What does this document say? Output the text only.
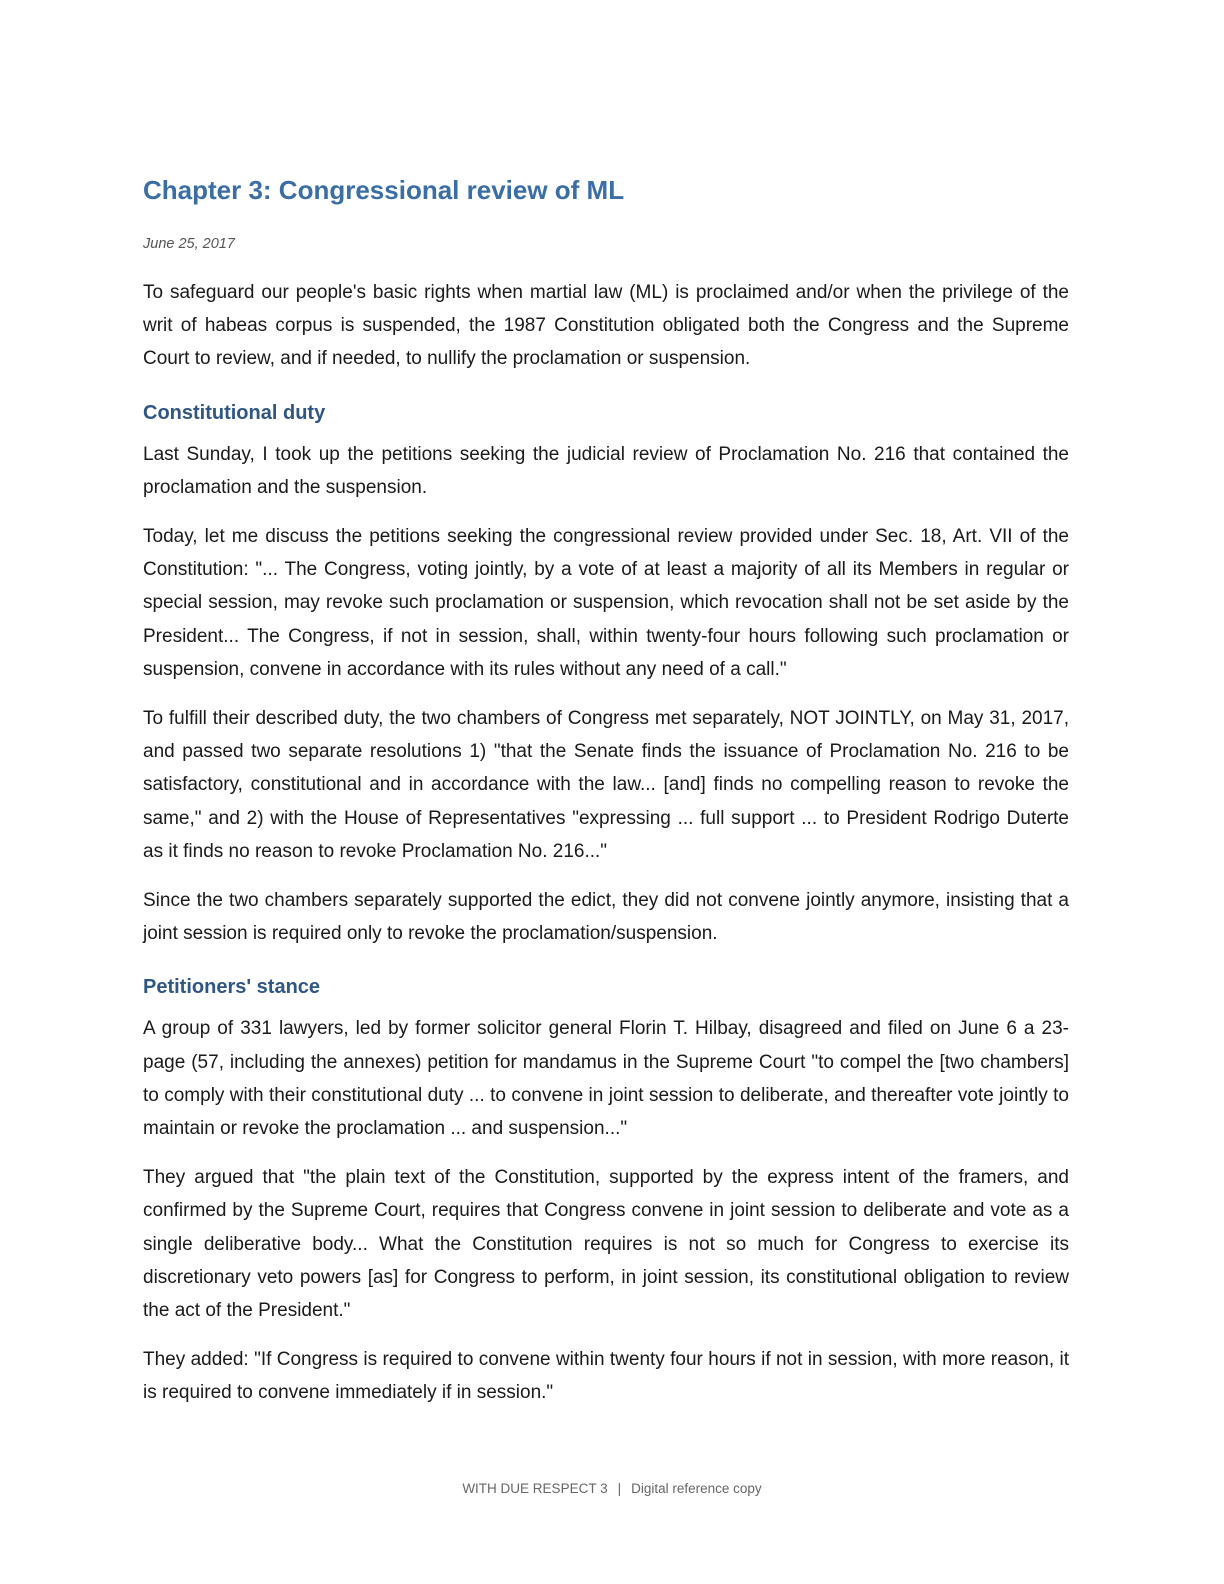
Chapter 3: Congressional review of ML
June 25, 2017

To safeguard our people's basic rights when martial law (ML) is proclaimed and/or when the privilege of the writ of habeas corpus is suspended, the 1987 Constitution obligated both the Congress and the Supreme Court to review, and if needed, to nullify the proclamation or suspension.

Constitutional duty

Last Sunday, I took up the petitions seeking the judicial review of Proclamation No. 216 that contained the proclamation and the suspension.

Today, let me discuss the petitions seeking the congressional review provided under Sec. 18, Art. VII of the Constitution: "... The Congress, voting jointly, by a vote of at least a majority of all its Members in regular or special session, may revoke such proclamation or suspension, which revocation shall not be set aside by the President... The Congress, if not in session, shall, within twenty-four hours following such proclamation or suspension, convene in accordance with its rules without any need of a call."

To fulfill their described duty, the two chambers of Congress met separately, NOT JOINTLY, on May 31, 2017, and passed two separate resolutions 1) "that the Senate finds the issuance of Proclamation No. 216 to be satisfactory, constitutional and in accordance with the law... [and] finds no compelling reason to revoke the same," and 2) with the House of Representatives "expressing ... full support ... to President Rodrigo Duterte as it finds no reason to revoke Proclamation No. 216..."

Since the two chambers separately supported the edict, they did not convene jointly anymore, insisting that a joint session is required only to revoke the proclamation/suspension.

Petitioners' stance

A group of 331 lawyers, led by former solicitor general Florin T. Hilbay, disagreed and filed on June 6 a 23-page (57, including the annexes) petition for mandamus in the Supreme Court "to compel the [two chambers] to comply with their constitutional duty ... to convene in joint session to deliberate, and thereafter vote jointly to maintain or revoke the proclamation ... and suspension..."

They argued that "the plain text of the Constitution, supported by the express intent of the framers, and confirmed by the Supreme Court, requires that Congress convene in joint session to deliberate and vote as a single deliberative body... What the Constitution requires is not so much for Congress to exercise its discretionary veto powers [as] for Congress to perform, in joint session, its constitutional obligation to review the act of the President."

They added: "If Congress is required to convene within twenty four hours if not in session, with more reason, it is required to convene immediately if in session."

WITH DUE RESPECT 3 | Digital reference copy
